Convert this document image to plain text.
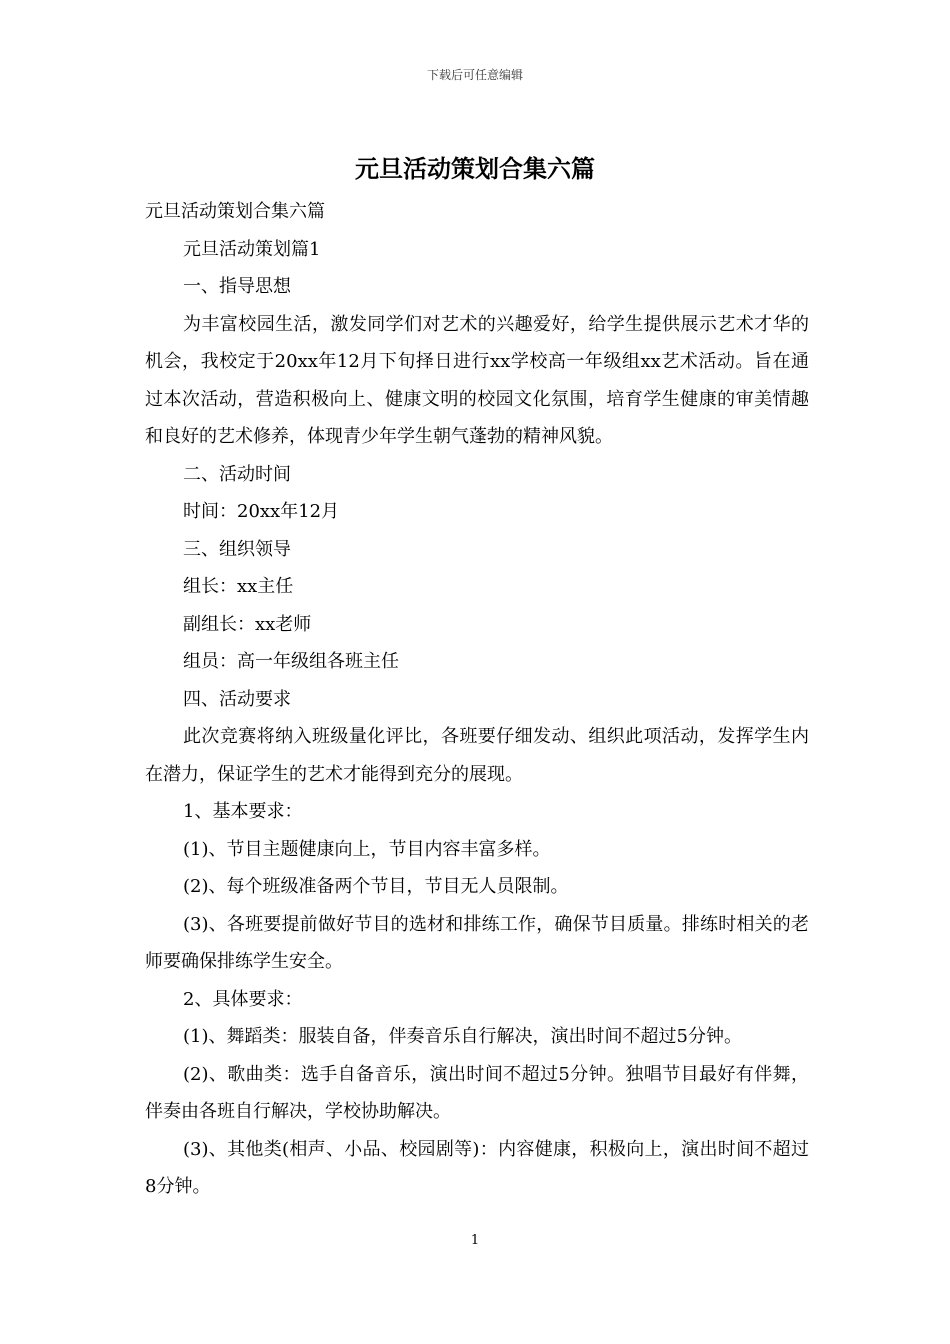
下载后可任意编辑
元旦活动策划合集六篇

元旦活动策划合集六篇

元旦活动策划篇1

一、指导思想

为丰富校园生活，激发同学们对艺术的兴趣爱好，给学生提供展示艺术才华的机会，我校定于20xx年12月下旬择日进行xx学校高一年级组xx艺术活动。旨在通过本次活动，营造积极向上、健康文明的校园文化氛围，培育学生健康的审美情趣和良好的艺术修养，体现青少年学生朝气蓬勃的精神风貌。

二、活动时间

时间：20xx年12月

三、组织领导

组长：xx主任

副组长：xx老师

组员：高一年级组各班主任

四、活动要求

此次竞赛将纳入班级量化评比，各班要仔细发动、组织此项活动，发挥学生内在潜力，保证学生的艺术才能得到充分的展现。

1、基本要求：

(1)、节目主题健康向上，节目内容丰富多样。

(2)、每个班级准备两个节目，节目无人员限制。

(3)、各班要提前做好节目的选材和排练工作，确保节目质量。排练时相关的老师要确保排练学生安全。

2、具体要求：

(1)、舞蹈类：服装自备，伴奏音乐自行解决，演出时间不超过5分钟。

(2)、歌曲类：选手自备音乐，演出时间不超过5分钟。独唱节目最好有伴舞，伴奏由各班自行解决，学校协助解决。

(3)、其他类(相声、小品、校园剧等)：内容健康，积极向上，演出时间不超过8分钟。

1
